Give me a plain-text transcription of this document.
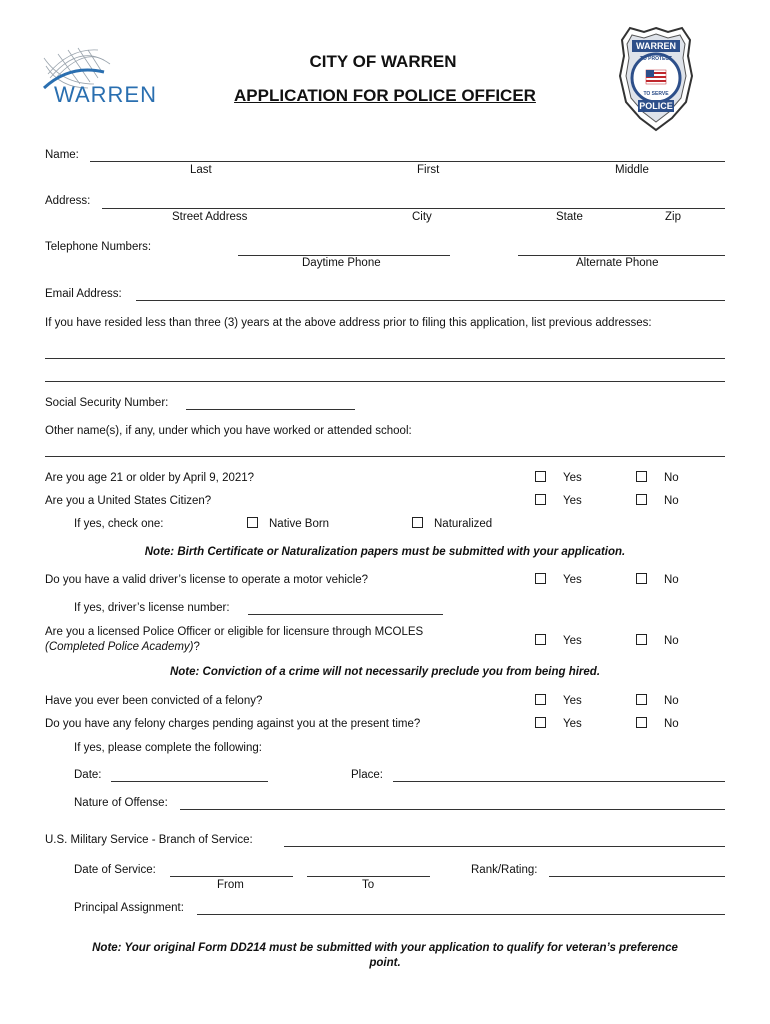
WARREN
CITY OF WARREN
APPLICATION FOR POLICE OFFICER
WARREN
TO PROTECT
TO SERVE
POLICE
Name:
Last	First	Middle
Address:
Street Address	City	State	Zip
Telephone Numbers:
Daytime Phone	Alternate Phone
Email Address:
If you have resided less than three (3) years at the above address prior to filing this application, list previous addresses:
Social Security Number:
Other name(s), if any, under which you have worked or attended school:
Are you age 21 or older by April 9, 2021?	Yes	No
Are you a United States Citizen?	Yes	No
If yes, check one:	Native Born	Naturalized
Note: Birth Certificate or Naturalization papers must be submitted with your application.
Do you have a valid driver’s license to operate a motor vehicle?	Yes	No
If yes, driver’s license number:
Are you a licensed Police Officer or eligible for licensure through MCOLES
(Completed Police Academy)?	Yes	No
Note: Conviction of a crime will not necessarily preclude you from being hired.
Have you ever been convicted of a felony?	Yes	No
Do you have any felony charges pending against you at the present time?	Yes	No
If yes, please complete the following:
Date:	Place:
Nature of Offense:
U.S. Military Service - Branch of Service:
Date of Service:
From	To
Rank/Rating:
Principal Assignment:
Note: Your original Form DD214 must be submitted with your application to qualify for veteran’s preference
point.
